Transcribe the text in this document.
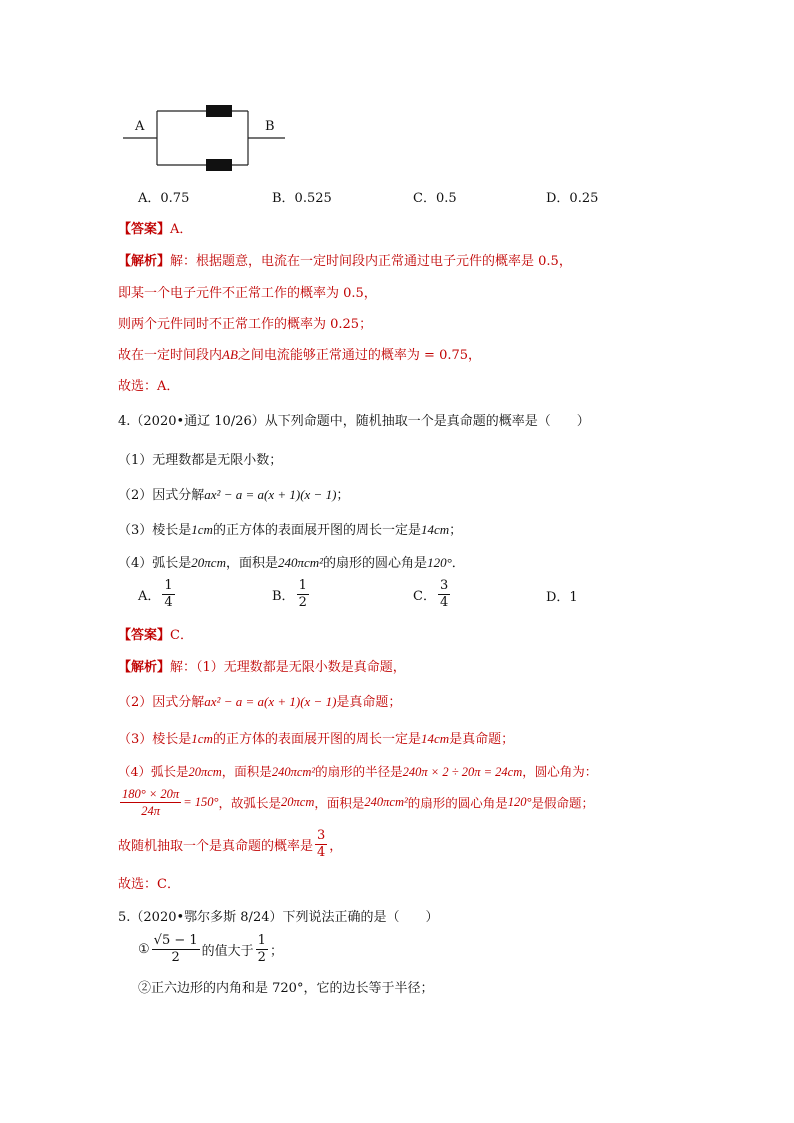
A	B
A．0.75	B．0.525	C．0.5	D．0.25
【答案】A．
【解析】解：根据题意，电流在一定时间段内正常通过电子元件的概率是 0.5，
即某一个电子元件不正常工作的概率为 0.5，
则两个元件同时不正常工作的概率为 0.25；
故在一定时间段内AB之间电流能够正常通过的概率为 = 0.75，
故选：A．
4.（2020•通辽 10/26）从下列命题中，随机抽取一个是真命题的概率是（　　）
（1）无理数都是无限小数；
（2）因式分解ax² − a = a(x + 1)(x − 1)；
（3）棱长是1cm的正方体的表面展开图的周长一定是14cm；
（4）弧长是20πcm，面积是240πcm²的扇形的圆心角是120°．
A． $\frac{1}{4}$	B． $\frac{1}{2}$	C． $\frac{3}{4}$	D．1
【答案】C．
【解析】解：（1）无理数都是无限小数是真命题，
（2）因式分解ax² − a = a(x + 1)(x − 1)是真命题；
（3）棱长是1cm的正方体的表面展开图的周长一定是14cm是真命题；
（4）弧长是20πcm，面积是240πcm²的扇形的半径是240π × 2 ÷ 20π = 24cm，圆心角为：
$\frac{180^\circ \times 20\pi}{24\pi} = 150^\circ$，故弧长是20πcm，面积是240πcm²的扇形的圆心角是120°是假命题；
故随机抽取一个是真命题的概率是 $\frac{3}{4}$ ，
故选：C．
5.（2020•鄂尔多斯 8/24）下列说法正确的是（　　）
① $\frac{√5 - 1}{2}$ 的值大于 $\frac{1}{2}$ ；
②正六边形的内角和是 720°，它的边长等于半径；
